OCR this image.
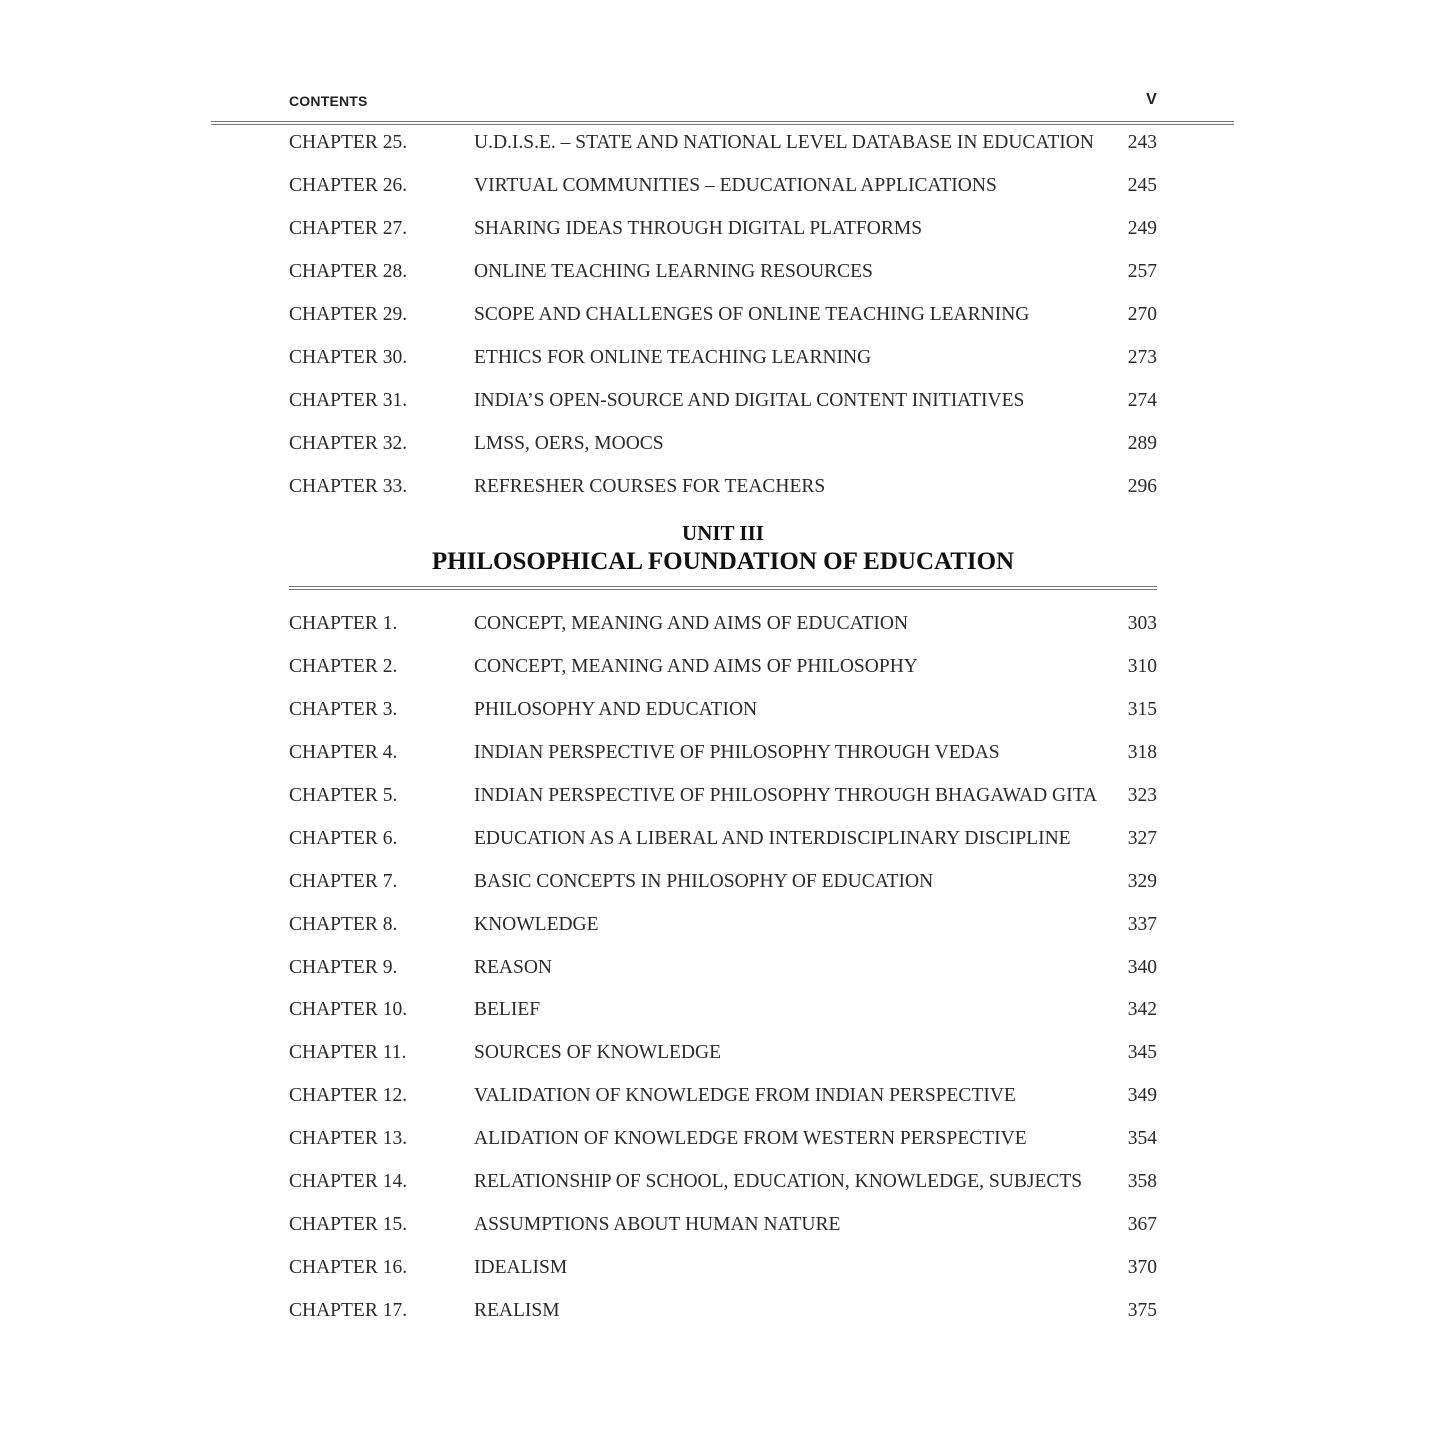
CONTENTS	V
CHAPTER 25.	U.D.I.S.E. – STATE AND NATIONAL LEVEL DATABASE IN EDUCATION 243
CHAPTER 26.	VIRTUAL COMMUNITIES – EDUCATIONAL APPLICATIONS	245
CHAPTER 27.	SHARING IDEAS THROUGH DIGITAL PLATFORMS	249
CHAPTER 28.	ONLINE TEACHING LEARNING RESOURCES	257
CHAPTER 29.	SCOPE AND CHALLENGES OF ONLINE TEACHING LEARNING	270
CHAPTER 30.	ETHICS FOR ONLINE TEACHING LEARNING	273
CHAPTER 31.	INDIA’S OPEN-SOURCE AND DIGITAL CONTENT INITIATIVES	274
CHAPTER 32.	LMSS, OERS, MOOCS	289
CHAPTER 33.	REFRESHER COURSES FOR TEACHERS	296
UNIT III
PHILOSOPHICAL FOUNDATION OF EDUCATION
CHAPTER 1.	CONCEPT, MEANING AND AIMS OF EDUCATION	303
CHAPTER 2.	CONCEPT, MEANING AND AIMS OF PHILOSOPHY	310
CHAPTER 3.	PHILOSOPHY AND EDUCATION	315
CHAPTER 4.	INDIAN PERSPECTIVE OF PHILOSOPHY THROUGH VEDAS	318
CHAPTER 5.	INDIAN PERSPECTIVE OF PHILOSOPHY THROUGH BHAGAWAD GITA 323
CHAPTER 6.	EDUCATION AS A LIBERAL AND INTERDISCIPLINARY DISCIPLINE	327
CHAPTER 7.	BASIC CONCEPTS IN PHILOSOPHY OF EDUCATION	329
CHAPTER 8.	KNOWLEDGE	337
CHAPTER 9.	REASON	340
CHAPTER 10.	BELIEF	342
CHAPTER 11.	SOURCES OF KNOWLEDGE	345
CHAPTER 12.	VALIDATION OF KNOWLEDGE FROM INDIAN PERSPECTIVE	349
CHAPTER 13.	ALIDATION OF KNOWLEDGE FROM WESTERN PERSPECTIVE	354
CHAPTER 14.	RELATIONSHIP OF SCHOOL, EDUCATION, KNOWLEDGE, SUBJECTS 358
CHAPTER 15.	ASSUMPTIONS ABOUT HUMAN NATURE	367
CHAPTER 16.	IDEALISM	370
CHAPTER 17.	REALISM	375
